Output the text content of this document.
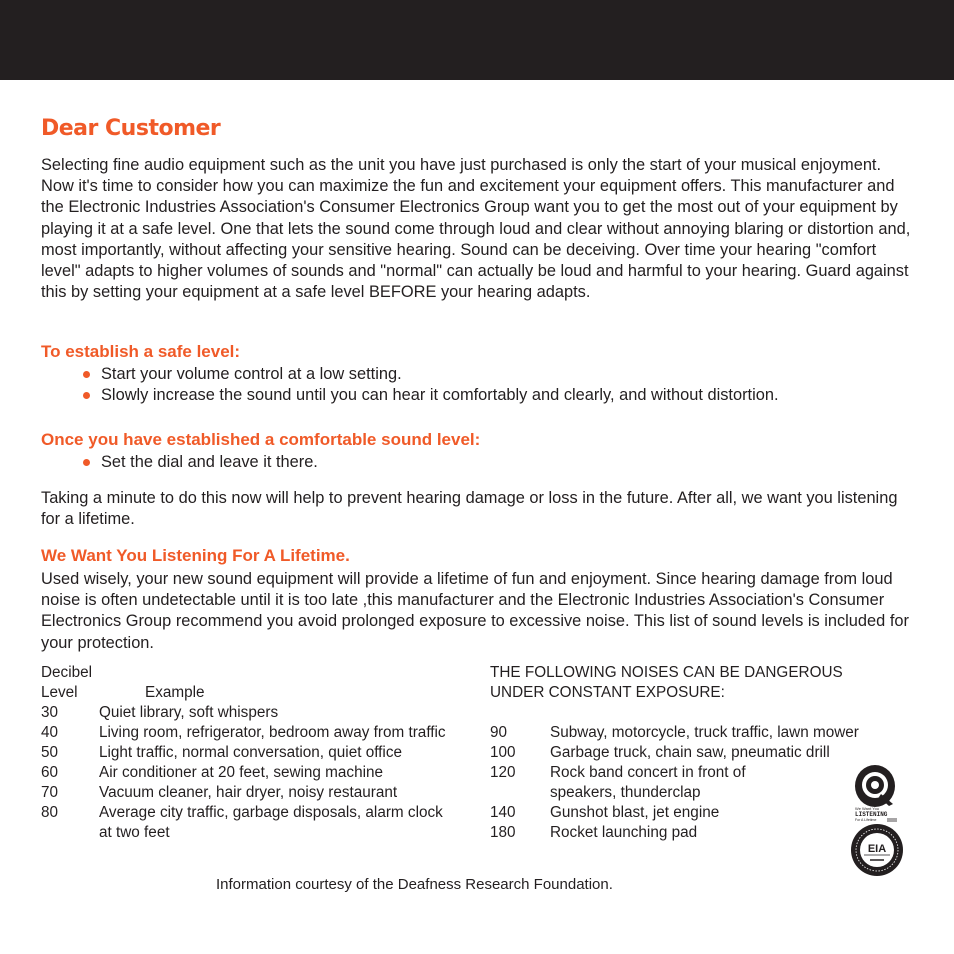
Dear Customer

Selecting fine audio equipment such as the unit you have just purchased is only the start of your musical enjoyment. Now it's time to consider how you can maximize the fun and excitement your equipment offers. This manufacturer and the Electronic Industries Association's Consumer Electronics Group want you to get the most out of your equipment by playing it at a safe level. One that lets the sound come through loud and clear without annoying blaring or distortion and, most importantly, without affecting your sensitive hearing. Sound can be deceiving. Over time your hearing "comfort level" adapts to higher volumes of sounds and "normal" can actually be loud and harmful to your hearing. Guard against this by setting your equipment at a safe level BEFORE your hearing adapts.

To establish a safe level:
Start your volume control at a low setting.
Slowly increase the sound until you can hear it comfortably and clearly, and without distortion.
Once you have established a comfortable sound level:
Set the dial and leave it there.

Taking a minute to do this now will help to prevent hearing damage or loss in the future. After all, we want you listening for a lifetime.

We Want You Listening For A Lifetime.

Used wisely, your new sound equipment will provide a lifetime of fun and enjoyment. Since hearing damage from loud noise is often undetectable until it is too late ,this manufacturer and the Electronic Industries Association's Consumer Electronics Group recommend you avoid prolonged exposure to excessive noise. This list of sound levels is included for your protection.

Decibel
Level	Example
30	Quiet library, soft whispers
40	Living room, refrigerator, bedroom away from traffic
50	Light traffic, normal conversation, quiet office
60	Air conditioner at 20 feet, sewing machine
70	Vacuum cleaner, hair dryer, noisy restaurant
80	Average city traffic, garbage disposals, alarm clock at two feet
THE FOLLOWING NOISES CAN BE DANGEROUS UNDER CONSTANT EXPOSURE:
90	Subway, motorcycle, truck traffic, lawn mower
100 Garbage truck, chain saw, pneumatic drill
120 Rock band concert in front of speakers, thunderclap
140 Gunshot blast, jet engine
180 Rocket launching pad
Information courtesy of the Deafness Research Foundation.
We Want You
LISTENING
For A Lifetime
EIA
